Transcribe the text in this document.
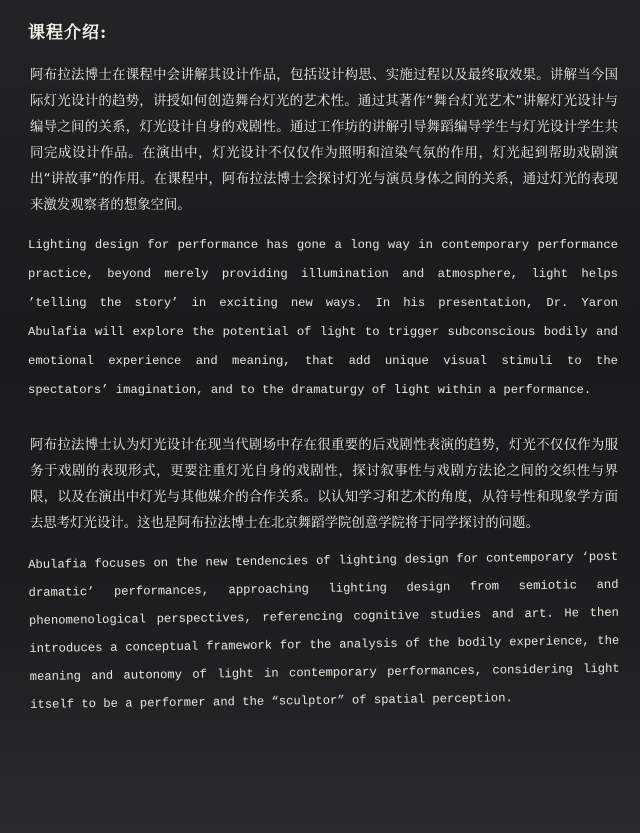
课程介绍:

阿布拉法博士在课程中会讲解其设计作品，包括设计构思、实施过程以及最终取效果。讲解当今国际灯光设计的趋势，讲授如何创造舞台灯光的艺术性。通过其著作“舞台灯光艺术”讲解灯光设计与编导之间的关系，灯光设计自身的戏剧性。通过工作坊的讲解引导舞蹈编导学生与灯光设计学生共同完成设计作品。在演出中，灯光设计不仅仅作为照明和渲染气氛的作用，灯光起到帮助戏剧演出“讲故事”的作用。在课程中，阿布拉法博士会探讨灯光与演员身体之间的关系，通过灯光的表现来激发观察者的想象空间。

Lighting design for performance has gone a long way in contemporary performance practice, beyond merely providing illumination and atmosphere, light helps ’telling the story’ in exciting new ways. In his presentation, Dr. Yaron Abulafia will explore the potential of light to trigger subconscious bodily and emotional experience and meaning, that add unique visual stimuli to the spectators’ imagination, and to the dramaturgy of light within a performance.

阿布拉法博士认为灯光设计在现当代剧场中存在很重要的后戏剧性表演的趋势，灯光不仅仅作为服务于戏剧的表现形式，更要注重灯光自身的戏剧性，探讨叙事性与戏剧方法论之间的交织性与界限，以及在演出中灯光与其他媒介的合作关系。以认知学习和艺术的角度，从符号性和现象学方面去思考灯光设计。这也是阿布拉法博士在北京舞蹈学院创意学院将于同学探讨的问题。

Abulafia focuses on the new tendencies of lighting design for contemporary ‘post dramatic’ performances, approaching lighting design from semiotic and phenomenological perspectives, referencing cognitive studies and art. He then introduces a conceptual framework for the analysis of the bodily experience, the meaning and autonomy of light in contemporary performances, considering light itself to be a performer and the “sculptor” of spatial perception.
